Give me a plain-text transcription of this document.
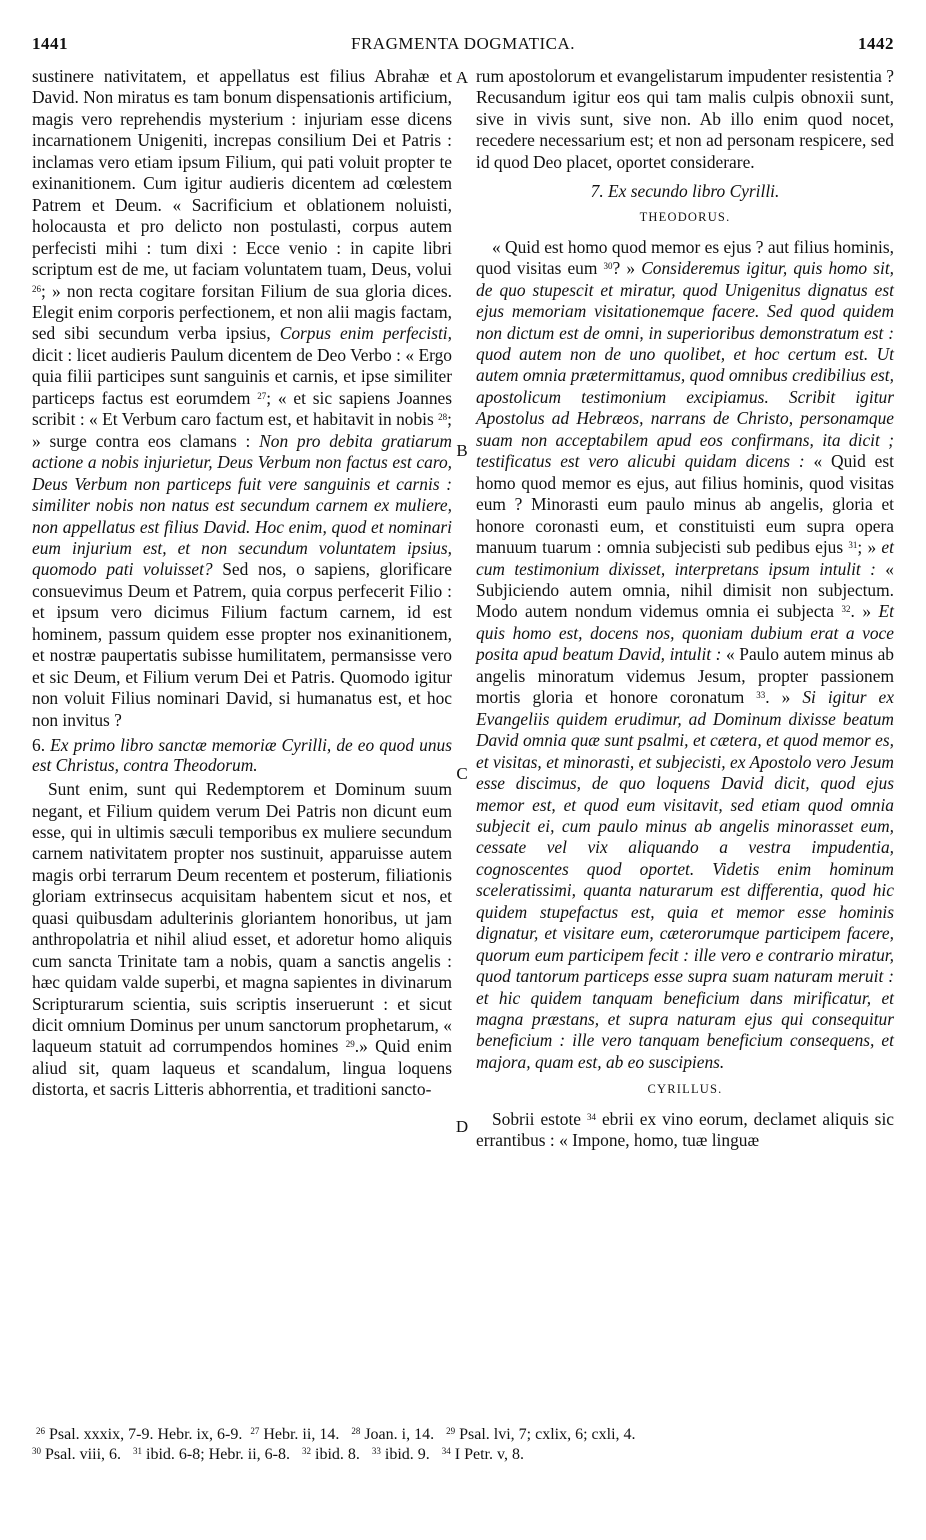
1441	FRAGMENTA DOGMATICA.	1442
A
B
C
D

sustinere nativitatem, et appellatus est filius Abrahæ et David. Non miratus es tam bonum dispensationis artificium, magis vero reprehendis mysterium : injuriam esse dicens incarnationem Unigeniti, increpas consilium Dei et Patris : inclamas vero etiam ipsum Filium, qui pati voluit propter te exinanitionem. Cum igitur audieris dicentem ad cœlestem Patrem et Deum. « Sacrificium et oblationem noluisti, holocausta et pro delicto non postulasti, corpus autem perfecisti mihi : tum dixi : Ecce venio : in capite libri scriptum est de me, ut faciam voluntatem tuam, Deus, volui $^{26}$; » non recta cogitare forsitan Filium de sua gloria dices. Elegit enim corporis perfectionem, et non alii magis factam, sed sibi secundum verba ipsius, Corpus enim perfecisti, dicit : licet audieris Paulum dicentem de Deo Verbo : « Ergo quia filii participes sunt sanguinis et carnis, et ipse similiter particeps factus est eorumdem $^{27}$; « et sic sapiens Joannes scribit : « Et Verbum caro factum est, et habitavit in nobis $^{28}$; » surge contra eos clamans : Non pro debita gratiarum actione a nobis injurietur, Deus Verbum non factus est caro, Deus Verbum non particeps fuit vere sanguinis et carnis : similiter nobis non natus est secundum carnem ex muliere, non appellatus est filius David. Hoc enim, quod et nominari eum injurium est, et non secundum voluntatem ipsius, quomodo pati voluisset? Sed nos, o sapiens, glorificare consuevimus Deum et Patrem, quia corpus perfecerit Filio : et ipsum vero dicimus Filium factum carnem, id est hominem, passum quidem esse propter nos exinanitionem, et nostræ paupertatis subisse humilitatem, permansisse vero et sic Deum, et Filium verum Dei et Patris. Quomodo igitur non voluit Filius nominari David, si humanatus est, et hoc non invitus ?

6. Ex primo libro sanctæ memoriæ Cyrilli, de eo quod unus est Christus, contra Theodorum.

Sunt enim, sunt qui Redemptorem et Dominum suum negant, et Filium quidem verum Dei Patris non dicunt eum esse, qui in ultimis sæculi temporibus ex muliere secundum carnem nativitatem propter nos sustinuit, apparuisse autem magis orbi terrarum Deum recentem et posterum, filiationis gloriam extrinsecus acquisitam habentem sicut et nos, et quasi quibusdam adulterinis gloriantem honoribus, ut jam anthropolatria et nihil aliud esset, et adoretur homo aliquis cum sancta Trinitate tam a nobis, quam a sanctis angelis : hæc quidam valde superbi, et magna sapientes in divinarum Scripturarum scientia, suis scriptis inseruerunt : et sicut dicit omnium Dominus per unum sanctorum prophetarum, « laqueum statuit ad corrumpendos homines $^{29}$.» Quid enim aliud sit, quam laqueus et scandalum, lingua loquens distorta, et sacris Litteris abhorrentia, et traditioni sancto-

rum apostolorum et evangelistarum impudenter resistentia ? Recusandum igitur eos qui tam malis culpis obnoxii sunt, sive in vivis sunt, sive non. Ab illo enim quod nocet, recedere necessarium est; et non ad personam respicere, sed id quod Deo placet, oportet considerare.

7. Ex secundo libro Cyrilli.

THEODORUS.

« Quid est homo quod memor es ejus ? aut filius hominis, quod visitas eum $^{30}$? » Consideremus igitur, quis homo sit, de quo stupescit et miratur, quod Unigenitus dignatus est ejus memoriam visitationemque facere. Sed quod quidem non dictum est de omni, in superioribus demonstratum est : quod autem non de uno quolibet, et hoc certum est. Ut autem omnia prætermittamus, quod omnibus credibilius est, apostolicum testimonium excipiamus. Scribit igitur Apostolus ad Hebræos, narrans de Christo, personamque suam non acceptabilem apud eos confirmans, ita dicit ; testificatus est vero alicubi quidam dicens : « Quid est homo quod memor es ejus, aut filius hominis, quod visitas eum ? Minorasti eum paulo minus ab angelis, gloria et honore coronasti eum, et constituisti eum supra opera manuum tuarum : omnia subjecisti sub pedibus ejus $^{31}$; » et cum testimonium dixisset, interpretans ipsum intulit : « Subjiciendo autem omnia, nihil dimisit non subjectum. Modo autem nondum videmus omnia ei subjecta $^{32}$. » Et quis homo est, docens nos, quoniam dubium erat a voce posita apud beatum David, intulit : « Paulo autem minus ab angelis minoratum videmus Jesum, propter passionem mortis gloria et honore coronatum $^{33}$. » Si igitur ex Evangeliis quidem erudimur, ad Dominum dixisse beatum David omnia quæ sunt psalmi, et cætera, et quod memor es, et visitas, et minorasti, et subjecisti, ex Apostolo vero Jesum esse discimus, de quo loquens David dicit, quod ejus memor est, et quod eum visitavit, sed etiam quod omnia subjecit ei, cum paulo minus ab angelis minorasset eum, cessate vel vix aliquando a vestra impudentia, cognoscentes quod oportet. Videtis enim hominum sceleratissimi, quanta naturarum est differentia, quod hic quidem stupefactus est, quia et memor esse hominis dignatur, et visitare eum, cæterorumque participem facere, quorum eum participem fecit : ille vero e contrario miratur, quod tantorum particeps esse supra suam naturam meruit : et hic quidem tanquam beneficium dans mirificatur, et magna præstans, et supra naturam ejus qui consequitur beneficium : ille vero tanquam beneficium consequens, et majora, quam est, ab eo suscipiens.

CYRILLUS.

Sobrii estote $^{34}$ ebrii ex vino eorum, declamet aliquis sic errantibus : « Impone, homo, tuæ linguæ

$^{26}$ Psal. xxxix, 7-9. Hebr. ix, 6-9. $^{27}$ Hebr. ii, 14. $^{28}$ Joan. i, 14. $^{29}$ Psal. lvi, 7; cxlix, 6; cxli, 4.
$^{30}$ Psal. viii, 6. $^{31}$ ibid. 6-8; Hebr. ii, 6-8. $^{32}$ ibid. 8. $^{33}$ ibid. 9. $^{34}$ I Petr. v, 8.
